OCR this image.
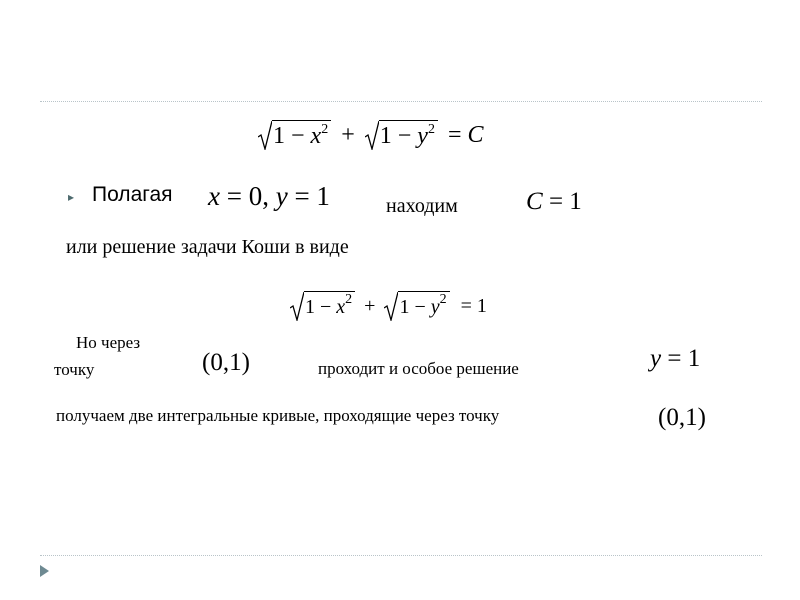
$1 - x^2 + 1 - y^2 = C$
▸ Полагая x = 0, y = 1	находим	C = 1
или решение задачи Коши в виде
$1 - x^2 + 1 - y^2 = 1$
Но через
точку	(0,1)	проходит и особое решение	y = 1
получаем две интегральные кривые, проходящие через точку	(0,1)
